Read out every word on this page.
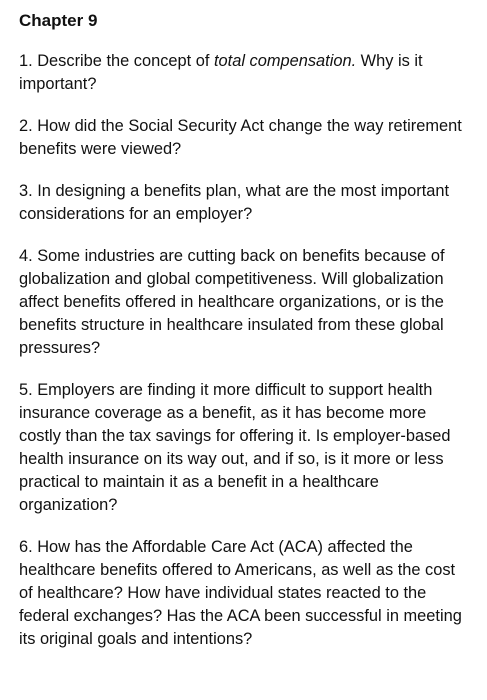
Chapter 9

1. Describe the concept of total compensation. Why is it important?

2. How did the Social Security Act change the way retirement benefits were viewed?

3. In designing a benefits plan, what are the most important considerations for an employer?

4. Some industries are cutting back on benefits because of globalization and global competitiveness. Will globalization affect benefits offered in healthcare organizations, or is the benefits structure in healthcare insulated from these global pressures?

5. Employers are finding it more difficult to support health insurance coverage as a benefit, as it has become more costly than the tax savings for offering it. Is employer-based health insurance on its way out, and if so, is it more or less practical to maintain it as a benefit in a healthcare organization?

6. How has the Affordable Care Act (ACA) affected the healthcare benefits offered to Americans, as well as the cost of healthcare? How have individual states reacted to the federal exchanges? Has the ACA been successful in meeting its original goals and intentions?
